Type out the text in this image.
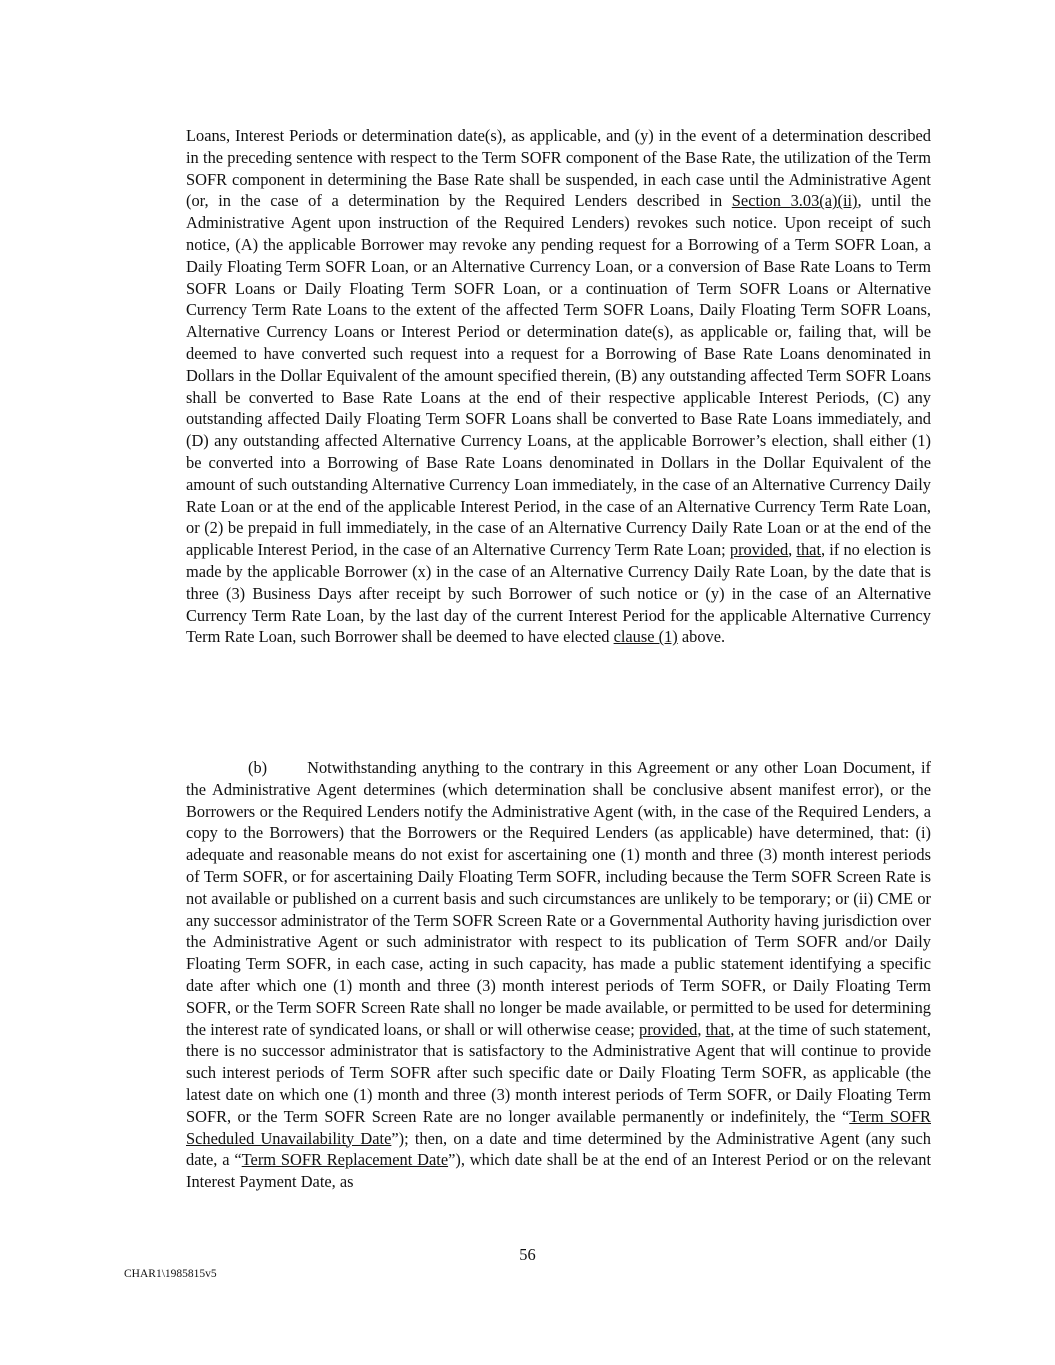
Loans, Interest Periods or determination date(s), as applicable, and (y) in the event of a determination described in the preceding sentence with respect to the Term SOFR component of the Base Rate, the utilization of the Term SOFR component in determining the Base Rate shall be suspended, in each case until the Administrative Agent (or, in the case of a determination by the Required Lenders described in Section 3.03(a)(ii), until the Administrative Agent upon instruction of the Required Lenders) revokes such notice. Upon receipt of such notice, (A) the applicable Borrower may revoke any pending request for a Borrowing of a Term SOFR Loan, a Daily Floating Term SOFR Loan, or an Alternative Currency Loan, or a conversion of Base Rate Loans to Term SOFR Loans or Daily Floating Term SOFR Loan, or a continuation of Term SOFR Loans or Alternative Currency Term Rate Loans to the extent of the affected Term SOFR Loans, Daily Floating Term SOFR Loans, Alternative Currency Loans or Interest Period or determination date(s), as applicable or, failing that, will be deemed to have converted such request into a request for a Borrowing of Base Rate Loans denominated in Dollars in the Dollar Equivalent of the amount specified therein, (B) any outstanding affected Term SOFR Loans shall be converted to Base Rate Loans at the end of their respective applicable Interest Periods, (C) any outstanding affected Daily Floating Term SOFR Loans shall be converted to Base Rate Loans immediately, and (D) any outstanding affected Alternative Currency Loans, at the applicable Borrower’s election, shall either (1) be converted into a Borrowing of Base Rate Loans denominated in Dollars in the Dollar Equivalent of the amount of such outstanding Alternative Currency Loan immediately, in the case of an Alternative Currency Daily Rate Loan or at the end of the applicable Interest Period, in the case of an Alternative Currency Term Rate Loan, or (2) be prepaid in full immediately, in the case of an Alternative Currency Daily Rate Loan or at the end of the applicable Interest Period, in the case of an Alternative Currency Term Rate Loan; provided, that, if no election is made by the applicable Borrower (x) in the case of an Alternative Currency Daily Rate Loan, by the date that is three (3) Business Days after receipt by such Borrower of such notice or (y) in the case of an Alternative Currency Term Rate Loan, by the last day of the current Interest Period for the applicable Alternative Currency Term Rate Loan, such Borrower shall be deemed to have elected clause (1) above.

(b) Notwithstanding anything to the contrary in this Agreement or any other Loan Document, if the Administrative Agent determines (which determination shall be conclusive absent manifest error), or the Borrowers or the Required Lenders notify the Administrative Agent (with, in the case of the Required Lenders, a copy to the Borrowers) that the Borrowers or the Required Lenders (as applicable) have determined, that: (i) adequate and reasonable means do not exist for ascertaining one (1) month and three (3) month interest periods of Term SOFR, or for ascertaining Daily Floating Term SOFR, including because the Term SOFR Screen Rate is not available or published on a current basis and such circumstances are unlikely to be temporary; or (ii) CME or any successor administrator of the Term SOFR Screen Rate or a Governmental Authority having jurisdiction over the Administrative Agent or such administrator with respect to its publication of Term SOFR and/or Daily Floating Term SOFR, in each case, acting in such capacity, has made a public statement identifying a specific date after which one (1) month and three (3) month interest periods of Term SOFR, or Daily Floating Term SOFR, or the Term SOFR Screen Rate shall no longer be made available, or permitted to be used for determining the interest rate of syndicated loans, or shall or will otherwise cease; provided, that, at the time of such statement, there is no successor administrator that is satisfactory to the Administrative Agent that will continue to provide such interest periods of Term SOFR after such specific date or Daily Floating Term SOFR, as applicable (the latest date on which one (1) month and three (3) month interest periods of Term SOFR, or Daily Floating Term SOFR, or the Term SOFR Screen Rate are no longer available permanently or indefinitely, the “Term SOFR Scheduled Unavailability Date”); then, on a date and time determined by the Administrative Agent (any such date, a “Term SOFR Replacement Date”), which date shall be at the end of an Interest Period or on the relevant Interest Payment Date, as

56
CHAR1\1985815v5
